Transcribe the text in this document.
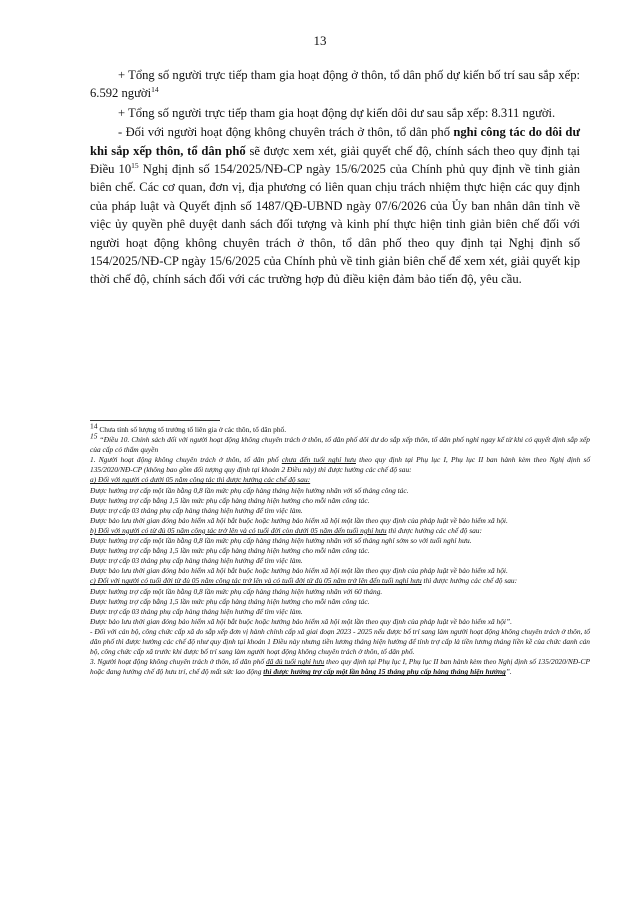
13

+ Tổng số người trực tiếp tham gia hoạt động ở thôn, tổ dân phố dự kiến bố trí sau sắp xếp: 6.592 người$^{14}$

+ Tổng số người trực tiếp tham gia hoạt động dự kiến dôi dư sau sắp xếp: 8.311 người.

- Đối với người hoạt động không chuyên trách ở thôn, tổ dân phố nghỉ công tác do dôi dư khi sắp xếp thôn, tổ dân phố sẽ được xem xét, giải quyết chế độ, chính sách theo quy định tại Điều $10^{15}$ Nghị định số 154/2025/NĐ-CP ngày 15/6/2025 của Chính phủ quy định về tinh giản biên chế. Các cơ quan, đơn vị, địa phương có liên quan chịu trách nhiệm thực hiện các quy định của pháp luật và Quyết định số 1487/QĐ-UBND ngày 07/6/2026 của Ủy ban nhân dân tỉnh về việc ủy quyền phê duyệt danh sách đối tượng và kinh phí thực hiện tinh giản biên chế đối với người hoạt động không chuyên trách ở thôn, tổ dân phố theo quy định tại Nghị định số 154/2025/NĐ-CP ngày 15/6/2025 của Chính phủ về tinh giản biên chế để xem xét, giải quyết kịp thời chế độ, chính sách đối với các trường hợp đủ điều kiện đảm bảo tiến độ, yêu cầu.

$^{14}$ Chưa tính số lượng tổ trưởng tổ liên gia ở các thôn, tổ dân phố.

$^{15}$ “Điều 10. Chính sách đối với người hoạt động không chuyên trách ở thôn, tổ dân phố dôi dư do sắp xếp thôn, tổ dân phố nghỉ ngay kể từ khi có quyết định sắp xếp của cấp có thẩm quyền

1. Người hoạt động không chuyên trách ở thôn, tổ dân phố chưa đến tuổi nghỉ hưu theo quy định tại Phụ lục I, Phụ lục II ban hành kèm theo Nghị định số 135/2020/NĐ-CP (không bao gồm đối tượng quy định tại khoản 2 Điều này) thì được hưởng các chế độ sau:

a) Đối với người có dưới 05 năm công tác thì được hưởng các chế độ sau:

Được hưởng trợ cấp một lần bằng 0,8 lần mức phụ cấp hàng tháng hiện hưởng nhân với số tháng công tác.

Được hưởng trợ cấp bằng 1,5 lần mức phụ cấp hàng tháng hiện hưởng cho mỗi năm công tác.

Được trợ cấp 03 tháng phụ cấp hàng tháng hiện hưởng để tìm việc làm.

Được bảo lưu thời gian đóng bảo hiểm xã hội bắt buộc hoặc hưởng bảo hiểm xã hội một lần theo quy định của pháp luật về bảo hiểm xã hội.

b) Đối với người có từ đủ 05 năm công tác trở lên và có tuổi đời còn dưới 05 năm đến tuổi nghỉ hưu thì được hưởng các chế độ sau:

Được hưởng trợ cấp một lần bằng 0,8 lần mức phụ cấp hàng tháng hiện hưởng nhân với số tháng nghỉ sớm so với tuổi nghỉ hưu.

Được hưởng trợ cấp bằng 1,5 lần mức phụ cấp hàng tháng hiện hưởng cho mỗi năm công tác.

Được trợ cấp 03 tháng phụ cấp hàng tháng hiện hưởng để tìm việc làm.

Được bảo lưu thời gian đóng bảo hiểm xã hội bắt buộc hoặc hưởng bảo hiểm xã hội một lần theo quy định của pháp luật về bảo hiểm xã hội.

c) Đối với người có tuổi đời từ đủ 05 năm công tác trở lên và có tuổi đời từ đủ 05 năm trở lên đến tuổi nghỉ hưu thì được hưởng các chế độ sau:

Được hưởng trợ cấp một lần bằng 0,8 lần mức phụ cấp hàng tháng hiện hưởng nhân với 60 tháng.

Được hưởng trợ cấp bằng 1,5 lần mức phụ cấp hàng tháng hiện hưởng cho mỗi năm công tác.

Được trợ cấp 03 tháng phụ cấp hàng tháng hiện hưởng để tìm việc làm.

Được bảo lưu thời gian đóng bảo hiểm xã hội bắt buộc hoặc hưởng bảo hiểm xã hội một lần theo quy định của pháp luật về bảo hiểm xã hội”.

- Đối với cán bộ, công chức cấp xã do sắp xếp đơn vị hành chính cấp xã giai đoạn 2023 - 2025 nếu được bố trí sang làm người hoạt động không chuyên trách ở thôn, tổ dân phố thì được hưởng các chế độ như quy định tại khoản 1 Điều này nhưng tiền lương tháng hiện hưởng để tính trợ cấp là tiền lương tháng liền kề của chức danh cán bộ, công chức cấp xã trước khi được bố trí sang làm người hoạt động không chuyên trách ở thôn, tổ dân phố.

3. Người hoạt động không chuyên trách ở thôn, tổ dân phố đã đủ tuổi nghỉ hưu theo quy định tại Phụ lục I, Phụ lục II ban hành kèm theo Nghị định số 135/2020/NĐ-CP hoặc đang hưởng chế độ hưu trí, chế độ mất sức lao động thì được hưởng trợ cấp một lần bằng 15 tháng phụ cấp hàng tháng hiện hưởng”.
